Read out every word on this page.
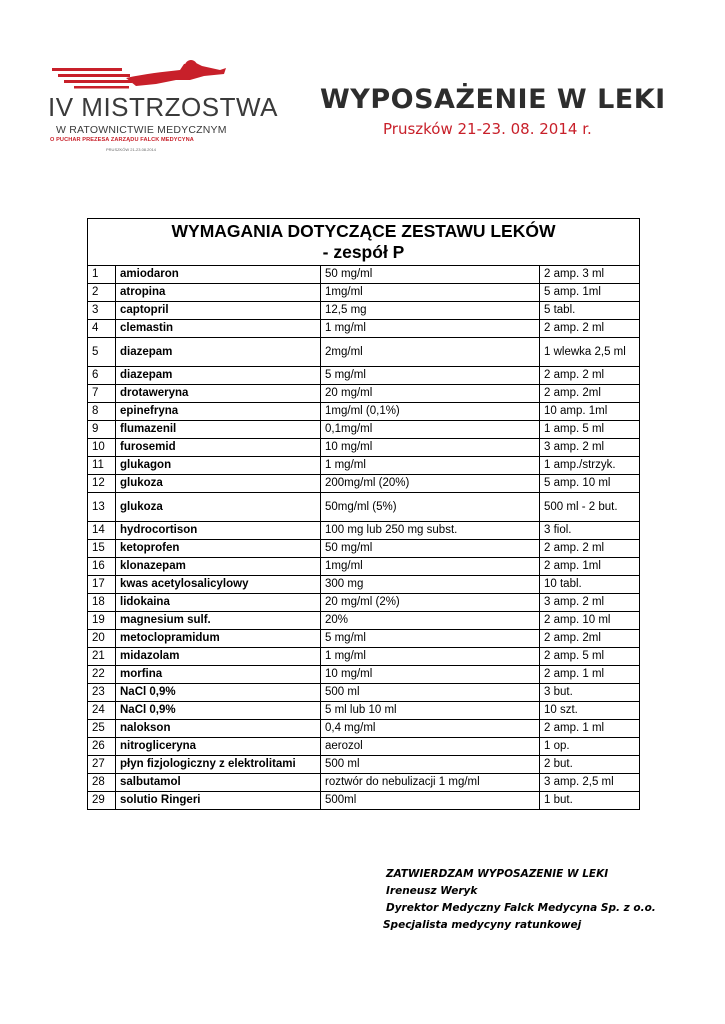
IV MISTRZOSTWA
W RATOWNICTWIE MEDYCZNYM
O PUCHAR PREZESA ZARZĄDU FALCK MEDYCYNA
PRUSZKÓW 21-23.08.2014
WYPOSAŻENIE W LEKI
Pruszków 21-23. 08. 2014 r.
WYMAGANIA DOTYCZĄCE ZESTAWU LEKÓW
- zespół P			

1	amiodaron	50 mg/ml	2 amp. 3 ml
2	atropina	1mg/ml	5 amp. 1ml
3	captopril	12,5 mg	5 tabl.
4	clemastin	1 mg/ml	2 amp. 2 ml
5	diazepam	2mg/ml	1 wlewka 2,5 ml
6	diazepam	5 mg/ml	2 amp. 2 ml
7	drotaweryna	20 mg/ml	2 amp. 2ml
8	epinefryna	1mg/ml (0,1%)	10 amp. 1ml
9	flumazenil	0,1mg/ml	1 amp. 5 ml
10	furosemid	10 mg/ml	3 amp. 2 ml
11	glukagon	1 mg/ml	1 amp./strzyk.
12	glukoza	200mg/ml (20%)	5 amp. 10 ml
13	glukoza	50mg/ml (5%)	500 ml - 2 but.
14	hydrocortison	100 mg lub 250 mg subst.	3 fiol.
15	ketoprofen	50 mg/ml	2 amp. 2 ml
16	klonazepam	1mg/ml	2 amp. 1ml
17	kwas acetylosalicylowy	300 mg	10 tabl.
18	lidokaina	20 mg/ml (2%)	3 amp. 2 ml
19	magnesium sulf.	20%	2 amp. 10 ml
20	metoclopramidum	5 mg/ml	2 amp. 2ml
21	midazolam	1 mg/ml	2 amp. 5 ml
22	morfina	10 mg/ml	2 amp. 1 ml
23	NaCl 0,9%	500 ml	3 but.
24	NaCl 0,9%	5 ml lub 10 ml	10 szt.
25	nalokson	0,4 mg/ml	2 amp. 1 ml
26	nitrogliceryna	aerozol	1 op.
27	płyn fizjologiczny z elektrolitami	500 ml	2 but.
28	salbutamol	roztwór do nebulizacji 1 mg/ml	3 amp. 2,5 ml
29	solutio Ringeri	500ml	1 but.
ZATWIERDZAM WYPOSAZENIE W LEKI
Ireneusz Weryk
Dyrektor Medyczny Falck Medycyna Sp. z o.o.
Specjalista medycyny ratunkowej
